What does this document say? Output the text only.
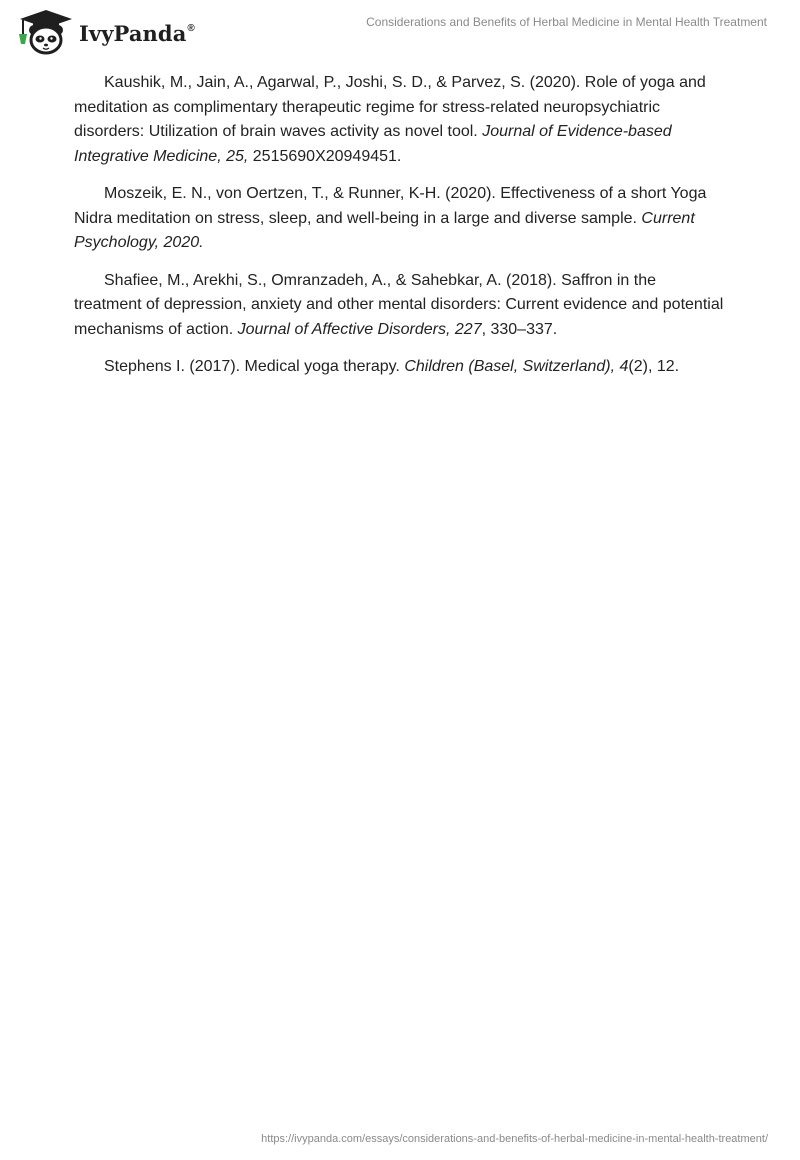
IvyPanda®	Considerations and Benefits of Herbal Medicine in Mental Health Treatment

Kaushik, M., Jain, A., Agarwal, P., Joshi, S. D., & Parvez, S. (2020). Role of yoga and meditation as complimentary therapeutic regime for stress-related neuropsychiatric disorders: Utilization of brain waves activity as novel tool. Journal of Evidence-based Integrative Medicine, 25, 2515690X20949451.

Moszeik, E. N., von Oertzen, T., & Runner, K-H. (2020). Effectiveness of a short Yoga Nidra meditation on stress, sleep, and well-being in a large and diverse sample. Current Psychology, 2020.

Shafiee, M., Arekhi, S., Omranzadeh, A., & Sahebkar, A. (2018). Saffron in the treatment of depression, anxiety and other mental disorders: Current evidence and potential mechanisms of action. Journal of Affective Disorders, 227, 330–337.

Stephens I. (2017). Medical yoga therapy. Children (Basel, Switzerland), 4(2), 12.

https://ivypanda.com/essays/considerations-and-benefits-of-herbal-medicine-in-mental-health-treatment/
